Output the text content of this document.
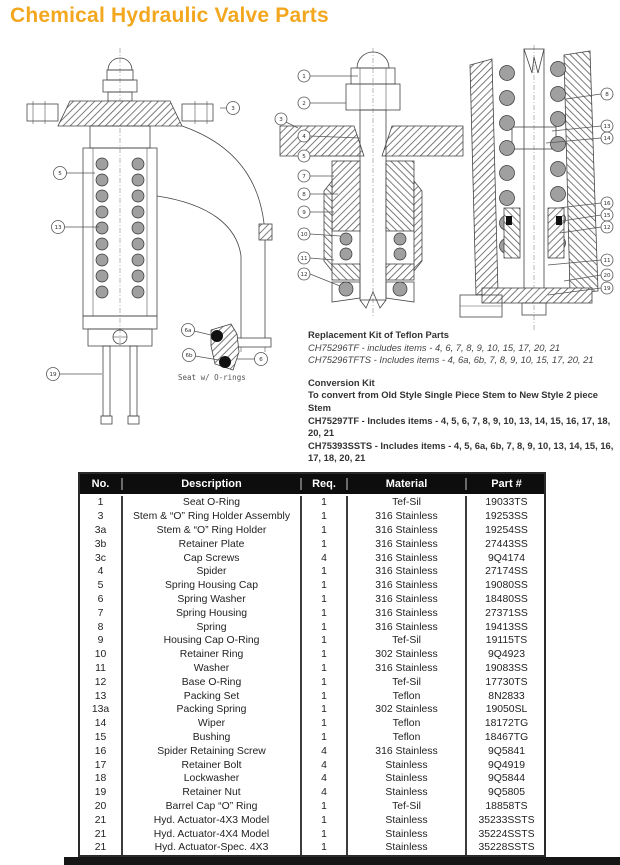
Chemical Hydraulic Valve Parts
3
5
13
19
6a
6b
6
Seat w/ O-rings
1
2
3
4
5
7
8
9
10
11
12
8
13
14
16
15
12
11
20
19
Replacement Kit of Teflon Parts
CH75296TF - includes items - 4, 6, 7, 8, 9, 10, 15, 17, 20, 21
CH75296TFTS - Includes items - 4, 6a, 6b, 7, 8, 9, 10, 15, 17, 20, 21
Conversion Kit
To convert from Old Style Single Piece Stem to New Style 2 piece Stem
CH75297TF - Includes items - 4, 5, 6, 7, 8, 9, 10, 13, 14, 15, 16, 17, 18, 20, 21
CH75393SSTS - Includes items - 4, 5, 6a, 6b, 7, 8, 9, 10, 13, 14, 15, 16, 17, 18, 20, 21
No.	Description	Req.	Material	Part #
1	Seat O-Ring	1	Tef-Sil	19033TS
3	Stem & “O” Ring Holder Assembly	1	316 Stainless	19253SS
3a	Stem & “O” Ring Holder	1	316 Stainless	19254SS
3b	Retainer Plate	1	316 Stainless	27443SS
3c	Cap Screws	4	316 Stainless	9Q4174
4	Spider	1	316 Stainless	27174SS
5	Spring Housing Cap	1	316 Stainless	19080SS
6	Spring Washer	1	316 Stainless	18480SS
7	Spring Housing	1	316 Stainless	27371SS
8	Spring	1	316 Stainless	19413SS
9	Housing Cap O-Ring	1	Tef-Sil	19115TS
10	Retainer Ring	1	302 Stainless	9Q4923
11	Washer	1	316 Stainless	19083SS
12	Base O-Ring	1	Tef-Sil	17730TS
13	Packing Set	1	Teflon	8N2833
13a	Packing Spring	1	302 Stainless	19050SL
14	Wiper	1	Teflon	18172TG
15	Bushing	1	Teflon	18467TG
16	Spider Retaining Screw	4	316 Stainless	9Q5841
17	Retainer Bolt	4	Stainless	9Q4919
18	Lockwasher	4	Stainless	9Q5844
19	Retainer Nut	4	Stainless	9Q5805
20	Barrel Cap “O” Ring	1	Tef-Sil	18858TS
21	Hyd. Actuator-4X3 Model	1	Stainless	35233SSTS
21	Hyd. Actuator-4X4 Model	1	Stainless	35224SSTS
21	Hyd. Actuator-Spec. 4X3	1	Stainless	35228SSTS
